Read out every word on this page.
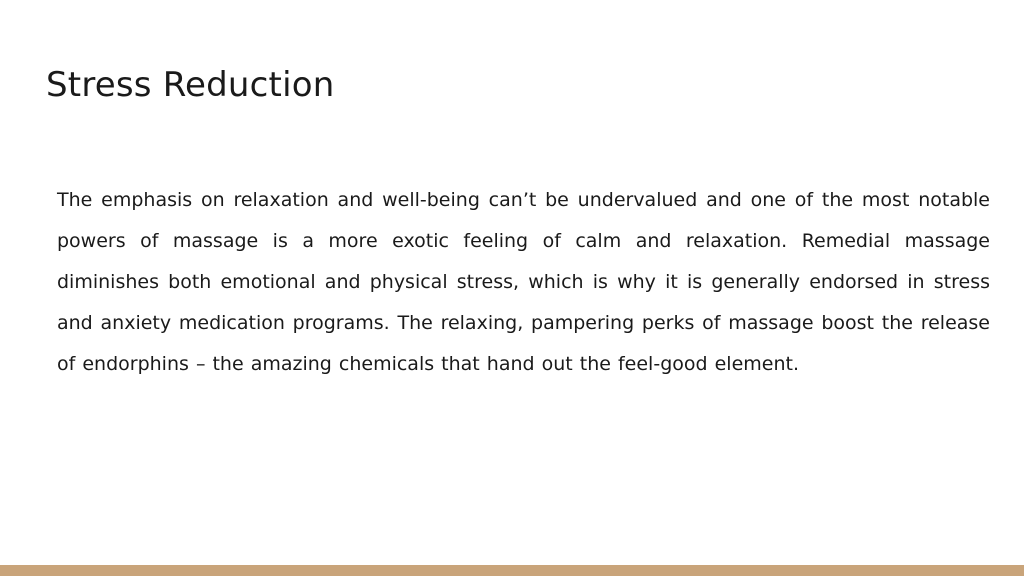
Stress Reduction

The emphasis on relaxation and well-being can’t be undervalued and one of the most notable powers of massage is a more exotic feeling of calm and relaxation. Remedial massage diminishes both emotional and physical stress, which is why it is generally endorsed in stress and anxiety medication programs. The relaxing, pampering perks of massage boost the release of endorphins – the amazing chemicals that hand out the feel-good element.
